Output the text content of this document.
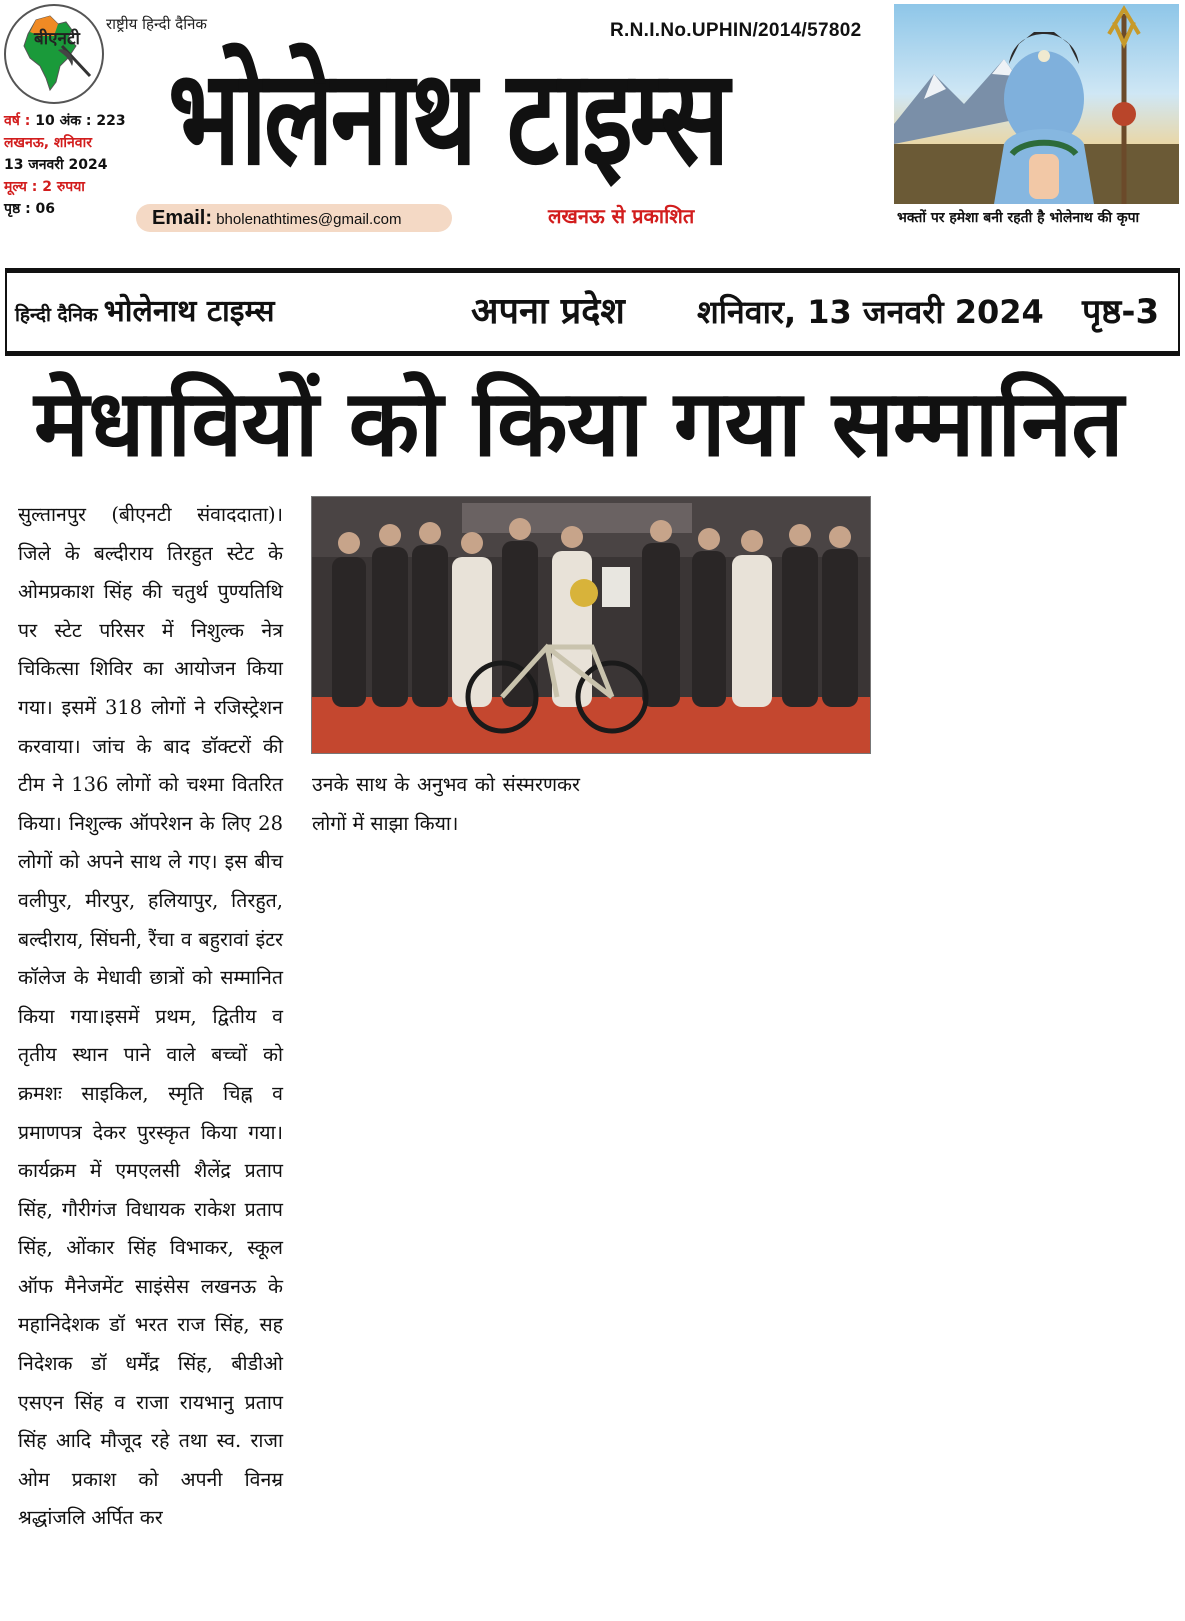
बीएनटी
राष्ट्रीय हिन्दी दैनिक
वर्ष : 10 अंक : 223
लखनऊ, शनिवार
13 जनवरी 2024
मूल्य : 2 रुपया
पृष्ठ : 06
R.N.I.No.UPHIN/2014/57802
भोलेनाथ टाइम्स
Email: bholenathtimes@gmail.com	लखनऊ से प्रकाशित	भक्तों पर हमेशा बनी रहती है भोलेनाथ की कृपा
हिन्दी दैनिक भोलेनाथ टाइम्स	अपना प्रदेश शनिवार, 13 जनवरी 2024 पृष्ठ-3
मेधावियों को किया गया सम्मानित
सुल्तानपुर (बीएनटी संवाददाता)। जिले के बल्दीराय तिरहुत स्टेट के ओमप्रकाश सिंह की चतुर्थ पुण्यतिथि पर स्टेट परिसर में निशुल्क नेत्र चिकित्सा शिविर का आयोजन किया गया। इसमें 318 लोगों ने रजिस्ट्रेशन करवाया। जांच के बाद डॉक्टरों की टीम ने 136 लोगों को चश्मा वितरित किया। निशुल्क ऑपरेशन के लिए 28 लोगों को अपने साथ ले गए। इस बीच वलीपुर, मीरपुर, हलियापुर, तिरहुत, बल्दीराय, सिंघनी, रैंचा व बहुरावां इंटर कॉलेज के मेधावी छात्रों को सम्मानित किया गया।इसमें प्रथम, द्वितीय व तृतीय स्थान पाने वाले बच्चों को क्रमशः साइकिल, स्मृति चिह्न व प्रमाणपत्र देकर पुरस्कृत किया गया। कार्यक्रम में एमएलसी शैलेंद्र प्रताप सिंह, गौरीगंज विधायक राकेश प्रताप सिंह, ओंकार सिंह विभाकर, स्कूल ऑफ मैनेजमेंट साइंसेस लखनऊ के महानिदेशक डॉ भरत राज सिंह, सह निदेशक डॉ धर्मेंद्र सिंह, बीडीओ एसएन सिंह व राजा रायभानु प्रताप सिंह आदि मौजूद रहे तथा स्व. राजा ओम प्रकाश को अपनी विनम्र श्रद्धांजलि अर्पित कर
उनके साथ के अनुभव को संस्मरणकर लोगों में साझा किया।
